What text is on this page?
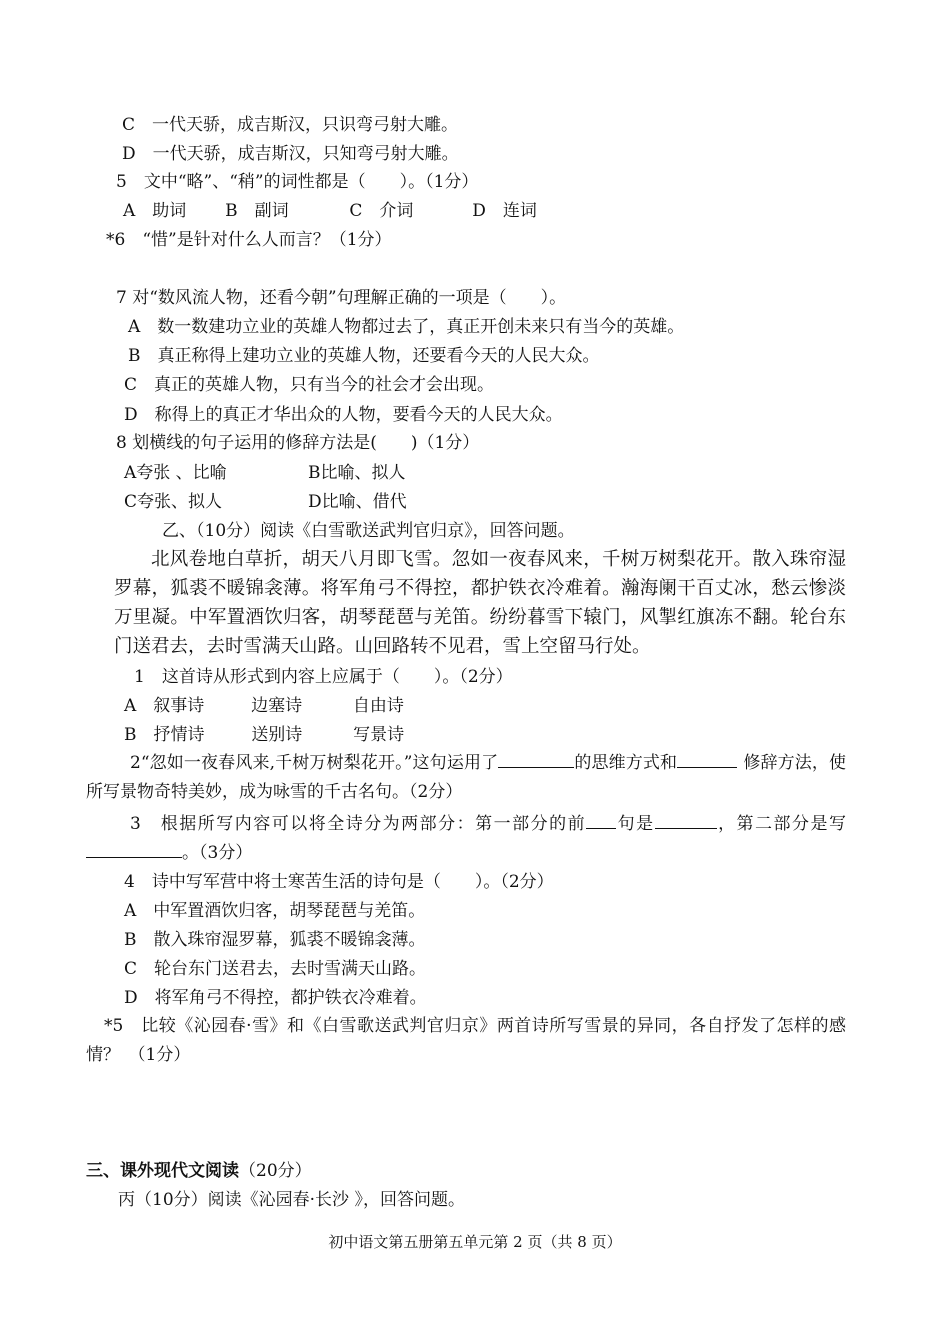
C　一代天骄，成吉斯汉，只识弯弓射大雕。
D　一代天骄，成吉斯汉，只知弯弓射大雕。
5　文中“略”、“稍”的词性都是（　　）。（1分）
A　助词 B　副词	C　介词	D　连词
*6　“惜”是针对什么人而言？（1分）
7 对“数风流人物，还看今朝”句理解正确的一项是（　　）。
A　数一数建功立业的英雄人物都过去了，真正开创未来只有当今的英雄。
B　真正称得上建功立业的英雄人物，还要看今天的人民大众。
C　真正的英雄人物，只有当今的社会才会出现。
D　称得上的真正才华出众的人物，要看今天的人民大众。
8 划横线的句子运用的修辞方法是(　　)（1分）
A夸张 、比喻	B比喻、拟人
C夸张、拟人	D比喻、借代
乙、（10分）阅读《白雪歌送武判官归京》，回答问题。

北风卷地白草折，胡天八月即飞雪。忽如一夜春风来，千树万树梨花开。散入珠帘湿罗幕，狐裘不暖锦衾薄。将军角弓不得控，都护铁衣冷难着。瀚海阑干百丈冰，愁云惨淡万里凝。中军置酒饮归客，胡琴琵琶与羌笛。纷纷暮雪下辕门，风掣红旗冻不翻。轮台东门送君去，去时雪满天山路。山回路转不见君，雪上空留马行处。

1　这首诗从形式到内容上应属于（　　）。（2分）
A　叙事诗	边塞诗	自由诗
B　抒情诗	送别诗	写景诗
2“忽如一夜春风来,千树万树梨花开。”这句运用了	的思维方式和	修辞方法，使所写景物奇特美妙，成为咏雪的千古名句。（2分）
3　根据所写内容可以将全诗分为两部分：第一部分的前 句是	，第二部分是写。（3分）
4　诗中写军营中将士寒苦生活的诗句是（　　）。（2分）
A　中军置酒饮归客，胡琴琵琶与羌笛。
B　散入珠帘湿罗幕，狐裘不暖锦衾薄。
C　轮台东门送君去，去时雪满天山路。
D　将军角弓不得控，都护铁衣冷难着。
*5　比较《沁园春·雪》和《白雪歌送武判官归京》两首诗所写雪景的异同，各自抒发了怎样的感情？　（1分）
三、课外现代文阅读（20分）
丙（10分）阅读《沁园春·长沙 》，回答问题。
初中语文第五册第五单元第 2 页（共 8 页）
